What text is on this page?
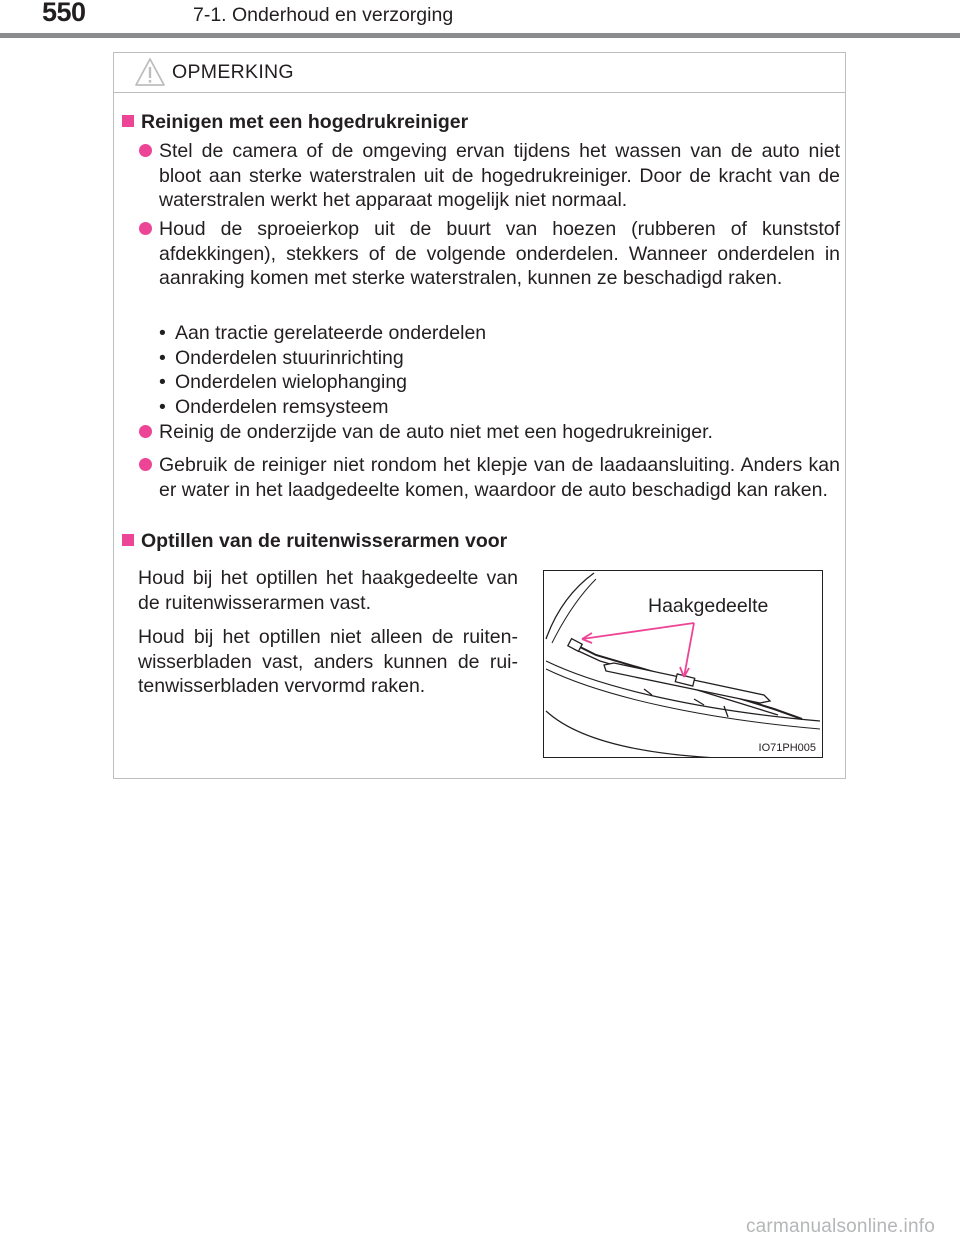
550	7-1. Onderhoud en verzorging
OPMERKING
Reinigen met een hogedrukreiniger
Stel de camera of de omgeving ervan tijdens het wassen van de auto niet bloot aan sterke waterstralen uit de hogedrukreiniger. Door de kracht van de waterstralen werkt het apparaat mogelijk niet normaal.
Houd de sproeierkop uit de buurt van hoezen (rubberen of kunststof afdekkingen), stekkers of de volgende onderdelen. Wanneer onderdelen in aanraking komen met sterke waterstralen, kunnen ze beschadigd raken.
• Aan tractie gerelateerde onderdelen
• Onderdelen stuurinrichting
• Onderdelen wielophanging
• Onderdelen remsysteem
Reinig de onderzijde van de auto niet met een hogedrukreiniger.
Gebruik de reiniger niet rondom het klepje van de laadaansluiting. Anders kan er water in het laadgedeelte komen, waardoor de auto beschadigd kan raken.
Optillen van de ruitenwisserarmen voor

Houd bij het optillen het haakgedeelte van de ruitenwisserarmen vast.

Houd bij het optillen niet alleen de ruiten-wisserbladen vast, anders kunnen de rui-tenwisserbladen vervormd raken.

Haakgedeelte
IO71PH005
carmanualsonline.info
